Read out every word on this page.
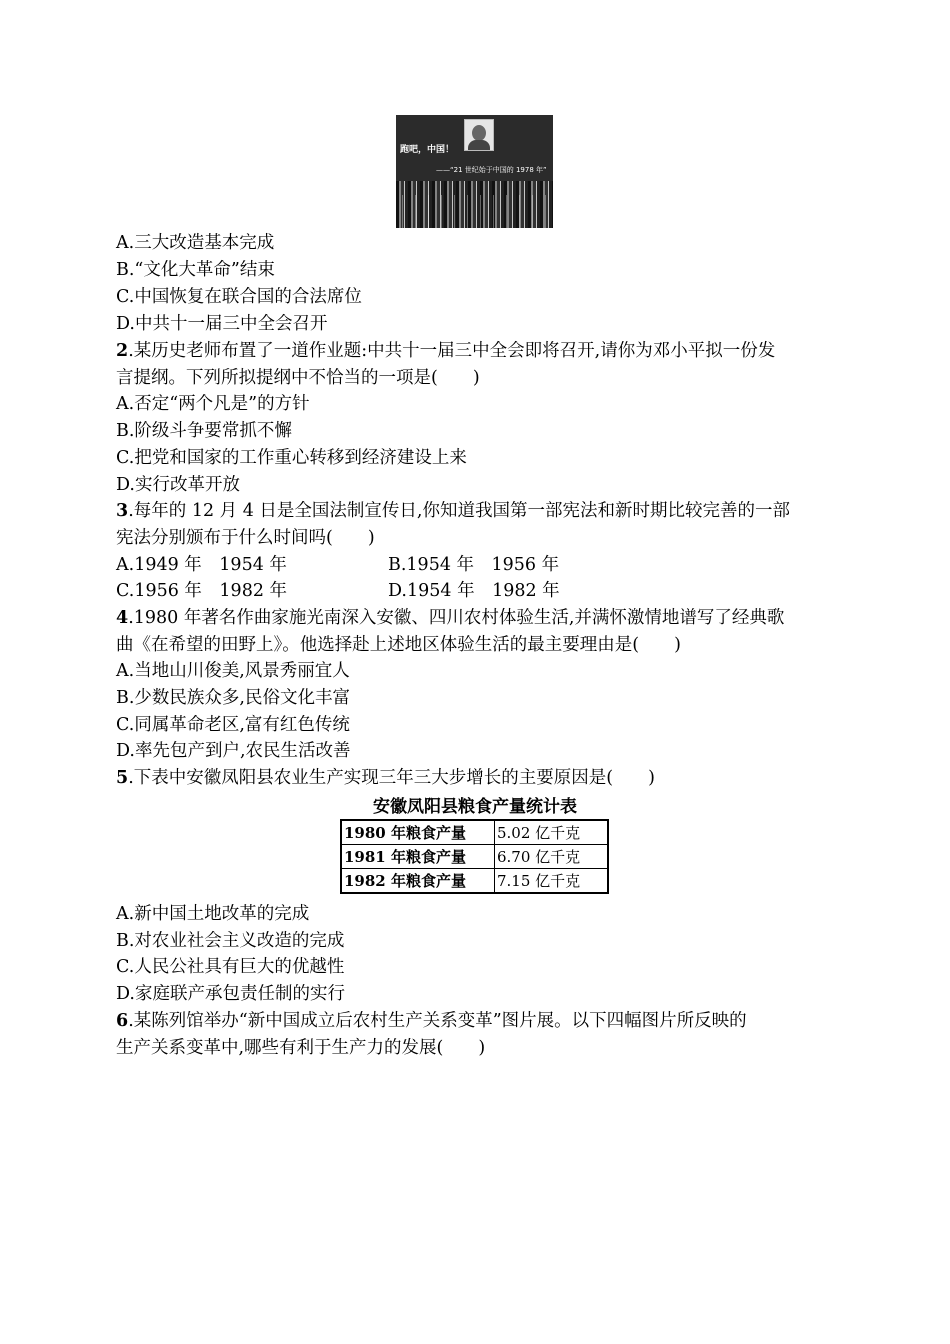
跑吧，中国！
——“21 世纪始于中国的 1978 年”
A.三大改造基本完成
B.“文化大革命”结束
C.中国恢复在联合国的合法席位
D.中共十一届三中全会召开
2.某历史老师布置了一道作业题:中共十一届三中全会即将召开,请你为邓小平拟一份发
言提纲。下列所拟提纲中不恰当的一项是(　　)
A.否定“两个凡是”的方针
B.阶级斗争要常抓不懈
C.把党和国家的工作重心转移到经济建设上来
D.实行改革开放
3.每年的 12 月 4 日是全国法制宣传日,你知道我国第一部宪法和新时期比较完善的一部
宪法分别颁布于什么时间吗(　　)
A.1949 年　1954 年	B.1954 年　1956 年
C.1956 年　1982 年	D.1954 年　1982 年
4.1980 年著名作曲家施光南深入安徽、四川农村体验生活,并满怀激情地谱写了经典歌
曲《在希望的田野上》。他选择赴上述地区体验生活的最主要理由是(　　)
A.当地山川俊美,风景秀丽宜人
B.少数民族众多,民俗文化丰富
C.同属革命老区,富有红色传统
D.率先包产到户,农民生活改善
5.下表中安徽凤阳县农业生产实现三年三大步增长的主要原因是(　　)
安徽凤阳县粮食产量统计表
1980 年粮食产量	5.02 亿千克
1981 年粮食产量	6.70 亿千克
1982 年粮食产量	7.15 亿千克
A.新中国土地改革的完成
B.对农业社会主义改造的完成
C.人民公社具有巨大的优越性
D.家庭联产承包责任制的实行
6.某陈列馆举办“新中国成立后农村生产关系变革”图片展。以下四幅图片所反映的
生产关系变革中,哪些有利于生产力的发展(　　)
